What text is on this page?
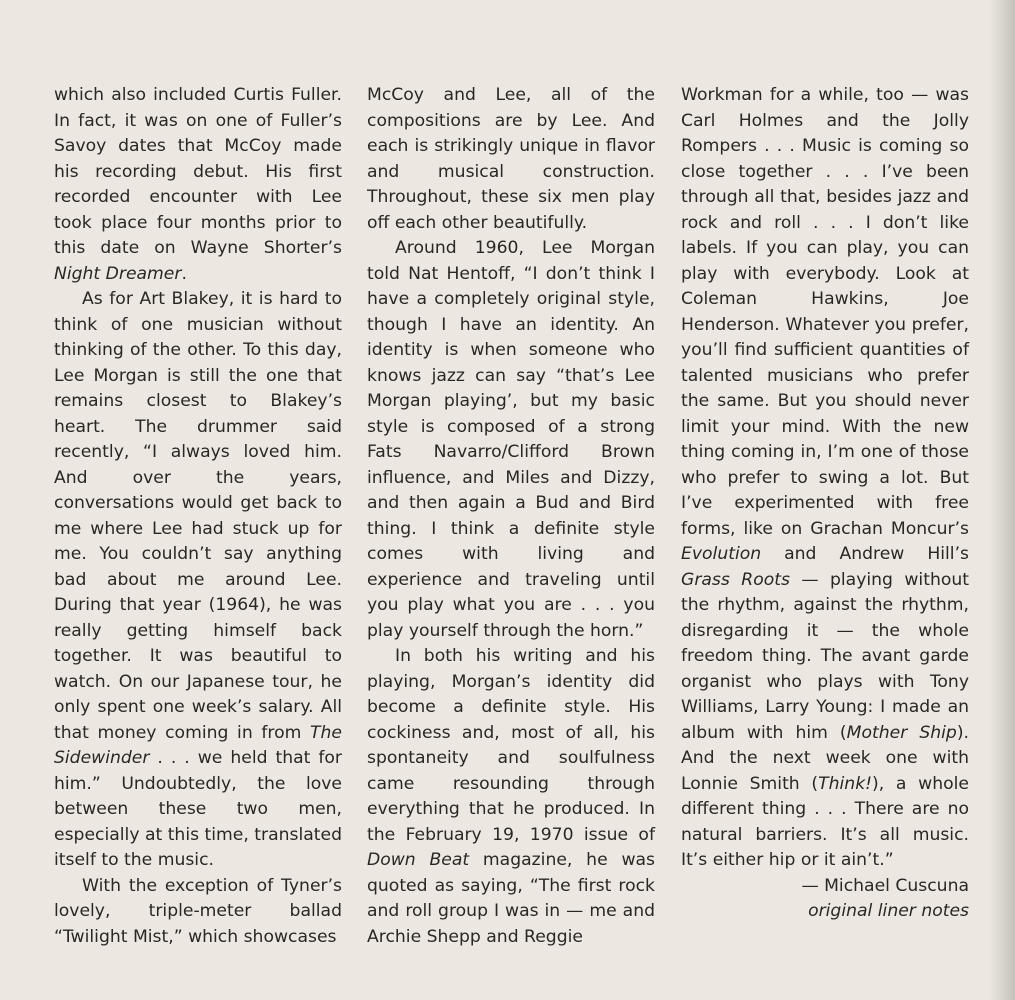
which also included Curtis Fuller. In fact, it was on one of Fuller’s Savoy dates that McCoy made his recording debut. His first recorded encounter with Lee took place four months prior to this date on Wayne Shorter’s Night Dreamer.

As for Art Blakey, it is hard to think of one musician without thinking of the other. To this day, Lee Morgan is still the one that remains closest to Blakey’s heart. The drummer said recently, “I always loved him. And over the years, conversations would get back to me where Lee had stuck up for me. You couldn’t say anything bad about me around Lee. During that year (1964), he was really getting himself back together. It was beautiful to watch. On our Japanese tour, he only spent one week’s salary. All that money coming in from The Sidewinder . . . we held that for him.” Undoubtedly, the love between these two men, especially at this time, translated itself to the music.

With the exception of Tyner’s lovely, triple-meter ballad “Twilight Mist,” which showcases

McCoy and Lee, all of the compositions are by Lee. And each is strikingly unique in flavor and musical construction. Throughout, these six men play off each other beautifully.

Around 1960, Lee Morgan told Nat Hentoff, “I don’t think I have a completely original style, though I have an identity. An identity is when someone who knows jazz can say “that’s Lee Morgan playing’, but my basic style is composed of a strong Fats Navarro/Clifford Brown influence, and Miles and Dizzy, and then again a Bud and Bird thing. I think a definite style comes with living and experience and traveling until you play what you are . . . you play yourself through the horn.”

In both his writing and his playing, Morgan’s identity did become a definite style. His cockiness and, most of all, his spontaneity and soulfulness came resounding through everything that he produced. In the February 19, 1970 issue of Down Beat magazine, he was quoted as saying, “The first rock and roll group I was in — me and Archie Shepp and Reggie

Workman for a while, too — was Carl Holmes and the Jolly Rompers . . . Music is coming so close together . . . I’ve been through all that, besides jazz and rock and roll . . . I don’t like labels. If you can play, you can play with everybody. Look at Coleman Hawkins, Joe Henderson. Whatever you prefer, you’ll find sufficient quantities of talented musicians who prefer the same. But you should never limit your mind. With the new thing coming in, I’m one of those who prefer to swing a lot. But I’ve experimented with free forms, like on Grachan Moncur’s Evolution and Andrew Hill’s Grass Roots — playing without the rhythm, against the rhythm, disregarding it — the whole freedom thing. The avant garde organist who plays with Tony Williams, Larry Young: I made an album with him (Mother Ship). And the next week one with Lonnie Smith (Think!), a whole different thing . . . There are no natural barriers. It’s all music. It’s either hip or it ain’t.”

— Michael Cuscuna

original liner notes
